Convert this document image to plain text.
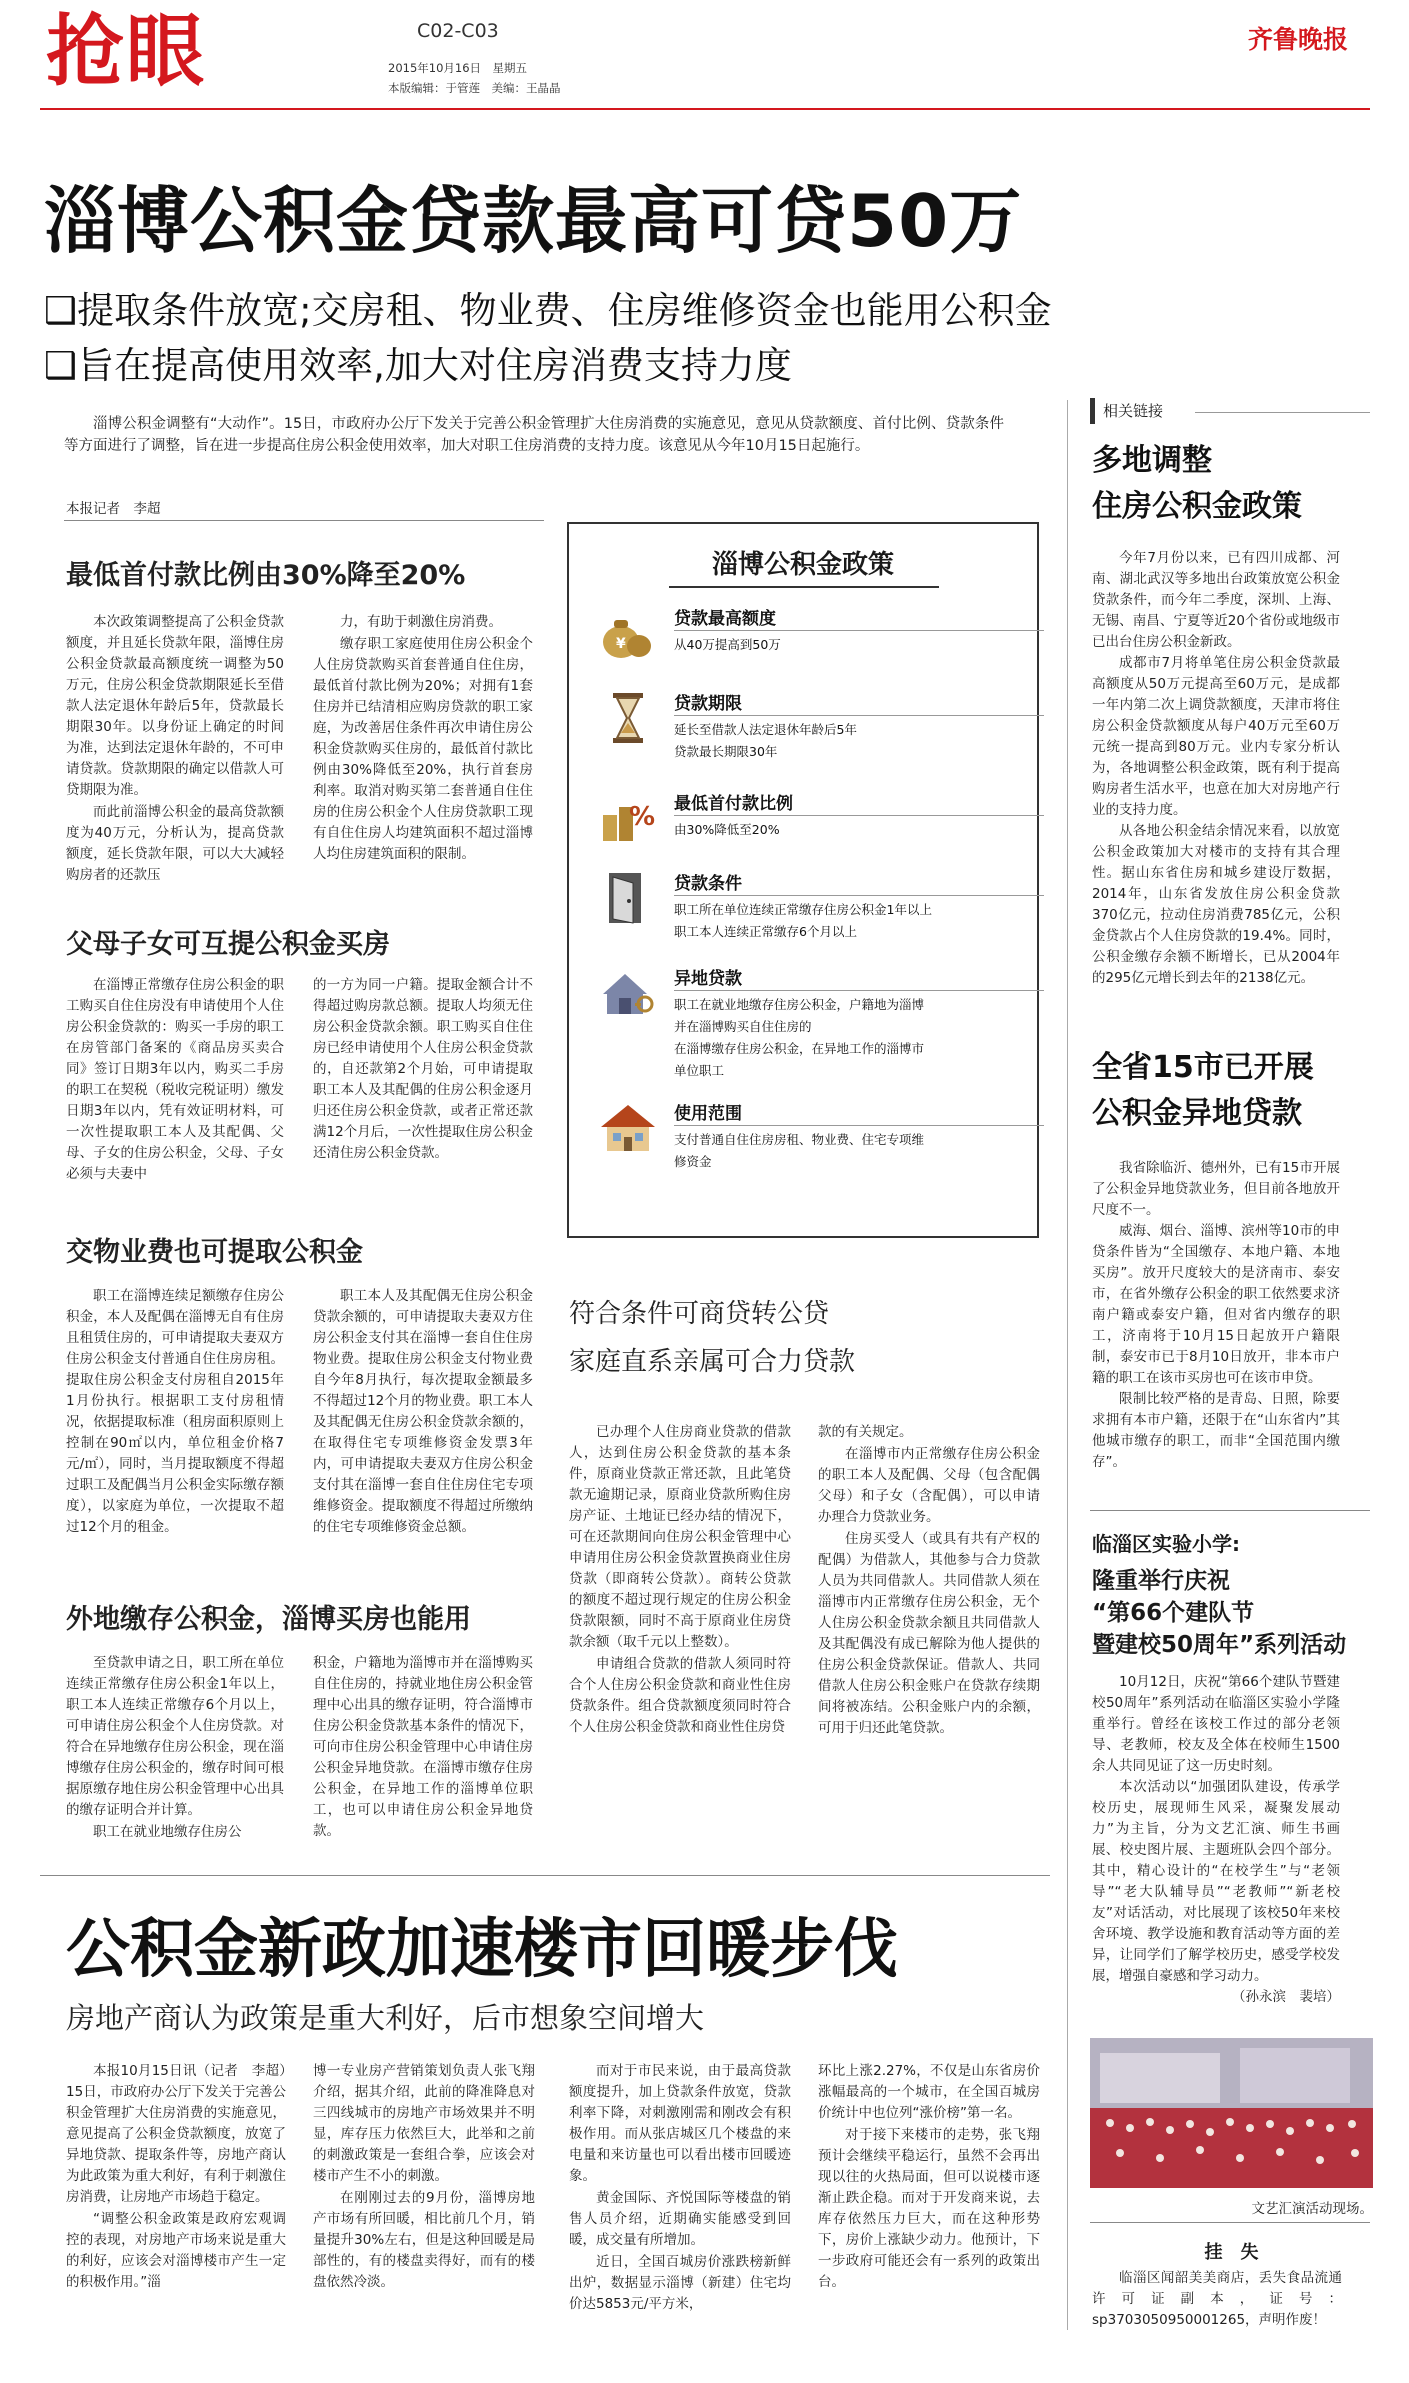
抢眼	C02-C03
2015年10月16日　星期五
本版编辑：于管莲　美编：王晶晶
齐鲁晚报
淄博公积金贷款最高可贷50万
❑提取条件放宽;交房租、物业费、住房维修资金也能用公积金
❑旨在提高使用效率,加大对住房消费支持力度

淄博公积金调整有“大动作”。15日，市政府办公厅下发关于完善公积金管理扩大住房消费的实施意见，意见从贷款额度、首付比例、贷款条件等方面进行了调整，旨在进一步提高住房公积金使用效率，加大对职工住房消费的支持力度。该意见从今年10月15日起施行。

本报记者　李超
最低首付款比例由30%降至20%

本次政策调整提高了公积金贷款额度，并且延长贷款年限，淄博住房公积金贷款最高额度统一调整为50万元，住房公积金贷款期限延长至借款人法定退休年龄后5年，贷款最长期限30年。以身份证上确定的时间为准，达到法定退休年龄的，不可申请贷款。贷款期限的确定以借款人可贷期限为准。

而此前淄博公积金的最高贷款额度为40万元，分析认为，提高贷款额度，延长贷款年限，可以大大减轻购房者的还款压

力，有助于刺激住房消费。

缴存职工家庭使用住房公积金个人住房贷款购买首套普通自住住房，最低首付款比例为20%；对拥有1套住房并已结清相应购房贷款的职工家庭，为改善居住条件再次申请住房公积金贷款购买住房的，最低首付款比例由30%降低至20%，执行首套房利率。取消对购买第二套普通自住住房的住房公积金个人住房贷款职工现有自住住房人均建筑面积不超过淄博人均住房建筑面积的限制。

父母子女可互提公积金买房

在淄博正常缴存住房公积金的职工购买自住住房没有申请使用个人住房公积金贷款的：购买一手房的职工在房管部门备案的《商品房买卖合同》签订日期3年以内，购买二手房的职工在契税（税收完税证明）缴发日期3年以内，凭有效证明材料，可一次性提取职工本人及其配偶、父母、子女的住房公积金，父母、子女必须与夫妻中

的一方为同一户籍。提取金额合计不得超过购房款总额。提取人均须无住房公积金贷款余额。职工购买自住住房已经申请使用个人住房公积金贷款的，自还款第2个月始，可申请提取职工本人及其配偶的住房公积金逐月归还住房公积金贷款，或者正常还款满12个月后，一次性提取住房公积金还清住房公积金贷款。

交物业费也可提取公积金

职工在淄博连续足额缴存住房公积金，本人及配偶在淄博无自有住房且租赁住房的，可申请提取夫妻双方住房公积金支付普通自住住房房租。提取住房公积金支付房租自2015年1月份执行。根据职工支付房租情况，依据提取标准（租房面积原则上控制在90㎡以内，单位租金价格7元/㎡），同时，当月提取额度不得超过职工及配偶当月公积金实际缴存额度），以家庭为单位，一次提取不超过12个月的租金。

职工本人及其配偶无住房公积金贷款余额的，可申请提取夫妻双方住房公积金支付其在淄博一套自住住房物业费。提取住房公积金支付物业费自今年8月执行，每次提取金额最多不得超过12个月的物业费。职工本人及其配偶无住房公积金贷款余额的，在取得住宅专项维修资金发票3年内，可申请提取夫妻双方住房公积金支付其在淄博一套自住住房住宅专项维修资金。提取额度不得超过所缴纳的住宅专项维修资金总额。

外地缴存公积金，淄博买房也能用

至贷款申请之日，职工所在单位连续正常缴存住房公积金1年以上，职工本人连续正常缴存6个月以上，可申请住房公积金个人住房贷款。对符合在异地缴存住房公积金，现在淄博缴存住房公积金的，缴存时间可根据原缴存地住房公积金管理中心出具的缴存证明合并计算。

职工在就业地缴存住房公

积金，户籍地为淄博市并在淄博购买自住住房的，持就业地住房公积金管理中心出具的缴存证明，符合淄博市住房公积金贷款基本条件的情况下，可向市住房公积金管理中心申请住房公积金异地贷款。在淄博市缴存住房公积金，在异地工作的淄博单位职工，也可以申请住房公积金异地贷款。

淄博公积金政策
¥
贷款最高额度
从40万提高到50万
贷款期限
延长至借款人法定退休年龄后5年
贷款最长期限30年
% 最低首付款比例
由30%降低至20%
贷款条件
职工所在单位连续正常缴存住房公积金1年以上
职工本人连续正常缴存6个月以上
异地贷款
职工在就业地缴存住房公积金，户籍地为淄博
并在淄博购买自住住房的
在淄博缴存住房公积金，在异地工作的淄博市
单位职工
使用范围
支付普通自住住房房租、物业费、住宅专项维
修资金
符合条件可商贷转公贷
家庭直系亲属可合力贷款

已办理个人住房商业贷款的借款人，达到住房公积金贷款的基本条件，原商业贷款正常还款，且此笔贷款无逾期记录，原商业贷款所购住房房产证、土地证已经办结的情况下，可在还款期间向住房公积金管理中心申请用住房公积金贷款置换商业住房贷款（即商转公贷款）。商转公贷款的额度不超过现行规定的住房公积金贷款限额，同时不高于原商业住房贷款余额（取千元以上整数）。

申请组合贷款的借款人须同时符合个人住房公积金贷款和商业性住房贷款条件。组合贷款额度须同时符合个人住房公积金贷款和商业性住房贷

款的有关规定。

在淄博市内正常缴存住房公积金的职工本人及配偶、父母（包含配偶父母）和子女（含配偶），可以申请办理合力贷款业务。

住房买受人（或具有共有产权的配偶）为借款人，其他参与合力贷款人员为共同借款人。共同借款人须在淄博市内正常缴存住房公积金，无个人住房公积金贷款余额且共同借款人及其配偶没有成已解除为他人提供的住房公积金贷款保证。借款人、共同借款人住房公积金账户在贷款存续期间将被冻结。公积金账户内的余额，可用于归还此笔贷款。

相关链接
多地调整
住房公积金政策

今年7月份以来，已有四川成都、河南、湖北武汉等多地出台政策放宽公积金贷款条件，而今年二季度，深圳、上海、无锡、南昌、宁夏等近20个省份或地级市已出台住房公积金新政。

成都市7月将单笔住房公积金贷款最高额度从50万元提高至60万元，是成都一年内第二次上调贷款额度，天津市将住房公积金贷款额度从每户40万元至60万元统一提高到80万元。业内专家分析认为，各地调整公积金政策，既有利于提高购房者生活水平，也意在加大对房地产行业的支持力度。

从各地公积金结余情况来看，以放宽公积金政策加大对楼市的支持有其合理性。据山东省住房和城乡建设厅数据，2014年，山东省发放住房公积金贷款370亿元，拉动住房消费785亿元，公积金贷款占个人住房贷款的19.4%。同时，公积金缴存余额不断增长，已从2004年的295亿元增长到去年的2138亿元。

全省15市已开展
公积金异地贷款

我省除临沂、德州外，已有15市开展了公积金异地贷款业务，但目前各地放开尺度不一。

威海、烟台、淄博、滨州等10市的申贷条件皆为“全国缴存、本地户籍、本地买房”。放开尺度较大的是济南市、泰安市，在省外缴存公积金的职工依然要求济南户籍或泰安户籍，但对省内缴存的职工，济南将于10月15日起放开户籍限制，泰安市已于8月10日放开，非本市户籍的职工在该市买房也可在该市申贷。

限制比较严格的是青岛、日照，除要求拥有本市户籍，还限于在“山东省内”其他城市缴存的职工，而非“全国范围内缴存”。

临淄区实验小学:
隆重举行庆祝
“第66个建队节
暨建校50周年”系列活动

10月12日，庆祝“第66个建队节暨建校50周年”系列活动在临淄区实验小学隆重举行。曾经在该校工作过的部分老领导、老教师，校友及全体在校师生1500余人共同见证了这一历史时刻。

本次活动以“加强团队建设，传承学校历史，展现师生风采，凝聚发展动力”为主旨，分为文艺汇演、师生书画展、校史图片展、主题班队会四个部分。其中，精心设计的“在校学生”与“老领导”“老大队辅导员”“老教师”“新老校友”对话活动，对比展现了该校50年来校舍环境、教学设施和教育活动等方面的差异，让同学们了解学校历史，感受学校发展，增强自豪感和学习动力。

（孙永滨　裴培）
文艺汇演活动现场。
挂　失

临淄区闻韶美美商店，丢失食品流通许可证副本，证号：sp3703050950001265，声明作废！

公积金新政加速楼市回暖步伐
房地产商认为政策是重大利好，后市想象空间增大

本报10月15日讯（记者　李超）15日，市政府办公厅下发关于完善公积金管理扩大住房消费的实施意见，意见提高了公积金贷款额度，放宽了异地贷款、提取条件等，房地产商认为此政策为重大利好，有利于刺激住房消费，让房地产市场趋于稳定。

“调整公积金政策是政府宏观调控的表现，对房地产市场来说是重大的利好，应该会对淄博楼市产生一定的积极作用。”淄

博一专业房产营销策划负责人张飞翔介绍，据其介绍，此前的降准降息对三四线城市的房地产市场效果并不明显，库存压力依然巨大，此举和之前的刺激政策是一套组合拳，应该会对楼市产生不小的刺激。

在刚刚过去的9月份，淄博房地产市场有所回暖，相比前几个月，销量提升30%左右，但是这种回暖是局部性的，有的楼盘卖得好，而有的楼盘依然冷淡。

而对于市民来说，由于最高贷款额度提升，加上贷款条件放宽，贷款利率下降，对刺激刚需和刚改会有积极作用。而从张店城区几个楼盘的来电量和来访量也可以看出楼市回暖迹象。

黄金国际、齐悦国际等楼盘的销售人员介绍，近期确实能感受到回暖，成交量有所增加。

近日，全国百城房价涨跌榜新鲜出炉，数据显示淄博（新建）住宅均价达5853元/平方米，

环比上涨2.27%，不仅是山东省房价涨幅最高的一个城市，在全国百城房价统计中也位列“涨价榜”第一名。

对于接下来楼市的走势，张飞翔预计会继续平稳运行，虽然不会再出现以往的火热局面，但可以说楼市逐渐止跌企稳。而对于开发商来说，去库存依然压力巨大，而在这种形势下，房价上涨缺少动力。他预计，下一步政府可能还会有一系列的政策出台。
